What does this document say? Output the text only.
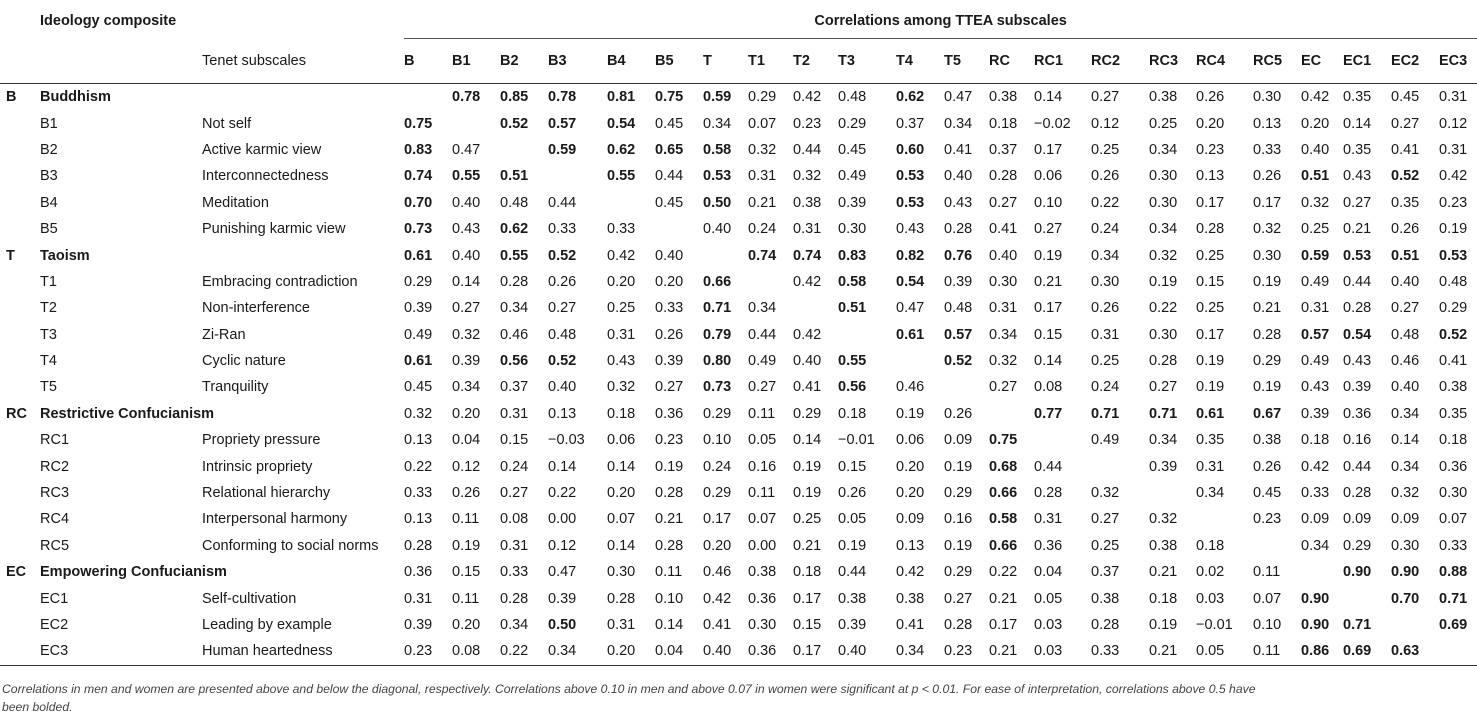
Ideology composite			Correlations among TTEA subscales																					
		Tenet subscales	B	B1	B2	B3	B4	B5	T	T1	T2	T3	T4	T5	RC	RC1	RC2	RC3	RC4	RC5	EC	EC1	EC2	EC3
B	Buddhism			0.78	0.85	0.78	0.81	0.75	0.59	0.29	0.42	0.48	0.62	0.47	0.38	0.14	0.27	0.38	0.26	0.30	0.42	0.35	0.45	0.31
B1		Not self	0.75		0.52	0.57	0.54	0.45	0.34	0.07	0.23	0.29	0.37	0.34	0.18	−0.02	0.12	0.25	0.20	0.13	0.20	0.14	0.27	0.12
B2		Active karmic view	0.83	0.47		0.59	0.62	0.65	0.58	0.32	0.44	0.45	0.60	0.41	0.37	0.17	0.25	0.34	0.23	0.33	0.40	0.35	0.41	0.31
B3		Interconnectedness	0.74	0.55	0.51		0.55	0.44	0.53	0.31	0.32	0.49	0.53	0.40	0.28	0.06	0.26	0.30	0.13	0.26	0.51	0.43	0.52	0.42
B4		Meditation	0.70	0.40	0.48	0.44		0.45	0.50	0.21	0.38	0.39	0.53	0.43	0.27	0.10	0.22	0.30	0.17	0.17	0.32	0.27	0.35	0.23
B5		Punishing karmic view	0.73	0.43	0.62	0.33	0.33		0.40	0.24	0.31	0.30	0.43	0.28	0.41	0.27	0.24	0.34	0.28	0.32	0.25	0.21	0.26	0.19
T	Taoism		0.61	0.40	0.55	0.52	0.42	0.40		0.74	0.74	0.83	0.82	0.76	0.40	0.19	0.34	0.32	0.25	0.30	0.59	0.53	0.51	0.53
T1		Embracing contradiction	0.29	0.14	0.28	0.26	0.20	0.20	0.66		0.42	0.58	0.54	0.39	0.30	0.21	0.30	0.19	0.15	0.19	0.49	0.44	0.40	0.48
T2		Non-interference	0.39	0.27	0.34	0.27	0.25	0.33	0.71	0.34		0.51	0.47	0.48	0.31	0.17	0.26	0.22	0.25	0.21	0.31	0.28	0.27	0.29
T3		Zi-Ran	0.49	0.32	0.46	0.48	0.31	0.26	0.79	0.44	0.42		0.61	0.57	0.34	0.15	0.31	0.30	0.17	0.28	0.57	0.54	0.48	0.52
T4		Cyclic nature	0.61	0.39	0.56	0.52	0.43	0.39	0.80	0.49	0.40	0.55		0.52	0.32	0.14	0.25	0.28	0.19	0.29	0.49	0.43	0.46	0.41
T5		Tranquility	0.45	0.34	0.37	0.40	0.32	0.27	0.73	0.27	0.41	0.56	0.46		0.27	0.08	0.24	0.27	0.19	0.19	0.43	0.39	0.40	0.38
RC	Restrictive Confucianism		0.32	0.20	0.31	0.13	0.18	0.36	0.29	0.11	0.29	0.18	0.19	0.26		0.77	0.71	0.71	0.61	0.67	0.39	0.36	0.34	0.35
RC1		Propriety pressure	0.13	0.04	0.15	−0.03	0.06	0.23	0.10	0.05	0.14	−0.01	0.06	0.09	0.75		0.49	0.34	0.35	0.38	0.18	0.16	0.14	0.18
RC2		Intrinsic propriety	0.22	0.12	0.24	0.14	0.14	0.19	0.24	0.16	0.19	0.15	0.20	0.19	0.68	0.44		0.39	0.31	0.26	0.42	0.44	0.34	0.36
RC3		Relational hierarchy	0.33	0.26	0.27	0.22	0.20	0.28	0.29	0.11	0.19	0.26	0.20	0.29	0.66	0.28	0.32		0.34	0.45	0.33	0.28	0.32	0.30
RC4		Interpersonal harmony	0.13	0.11	0.08	0.00	0.07	0.21	0.17	0.07	0.25	0.05	0.09	0.16	0.58	0.31	0.27	0.32		0.23	0.09	0.09	0.09	0.07
RC5		Conforming to social norms	0.28	0.19	0.31	0.12	0.14	0.28	0.20	0.00	0.21	0.19	0.13	0.19	0.66	0.36	0.25	0.38	0.18		0.34	0.29	0.30	0.33
EC	Empowering Confucianism		0.36	0.15	0.33	0.47	0.30	0.11	0.46	0.38	0.18	0.44	0.42	0.29	0.22	0.04	0.37	0.21	0.02	0.11		0.90	0.90	0.88
EC1		Self-cultivation	0.31	0.11	0.28	0.39	0.28	0.10	0.42	0.36	0.17	0.38	0.38	0.27	0.21	0.05	0.38	0.18	0.03	0.07	0.90		0.70	0.71
EC2		Leading by example	0.39	0.20	0.34	0.50	0.31	0.14	0.41	0.30	0.15	0.39	0.41	0.28	0.17	0.03	0.28	0.19	−0.01	0.10	0.90	0.71		0.69
EC3		Human heartedness	0.23	0.08	0.22	0.34	0.20	0.04	0.40	0.36	0.17	0.40	0.34	0.23	0.21	0.03	0.33	0.21	0.05	0.11	0.86	0.69	0.63	
Correlations in men and women are presented above and below the diagonal, respectively. Correlations above 0.10 in men and above 0.07 in women were significant at p < 0.01. For ease of interpretation, correlations above 0.5 have
been bolded.
